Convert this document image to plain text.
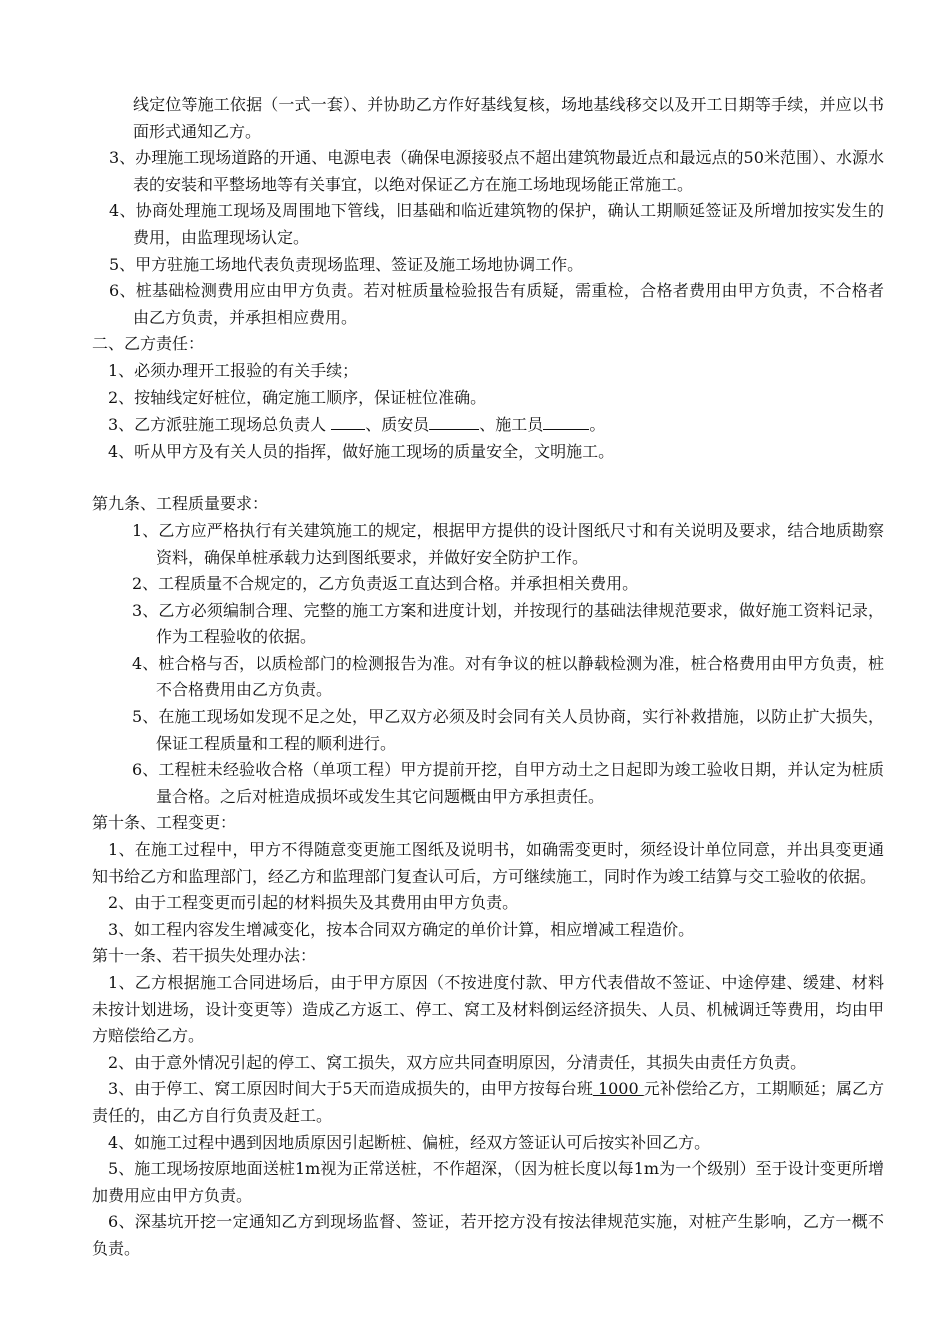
线定位等施工依据（一式一套）、并协助乙方作好基线复核，场地基线移交以及开工日期等手续，并应以书面形式通知乙方。

3、办理施工现场道路的开通、电源电表（确保电源接驳点不超出建筑物最近点和最远点的50米范围）、水源水表的安装和平整场地等有关事宜，以绝对保证乙方在施工场地现场能正常施工。

4、协商处理施工现场及周围地下管线，旧基础和临近建筑物的保护，确认工期顺延签证及所增加按实发生的费用，由监理现场认定。

5、甲方驻施工场地代表负责现场监理、签证及施工场地协调工作。

6、桩基础检测费用应由甲方负责。若对桩质量检验报告有质疑，需重检，合格者费用由甲方负责，不合格者由乙方负责，并承担相应费用。

二、乙方责任：

1、必须办理开工报验的有关手续；

2、按轴线定好桩位，确定施工顺序，保证桩位准确。

3、乙方派驻施工现场总负责人 、质安员	、施工员	。

4、听从甲方及有关人员的指挥，做好施工现场的质量安全，文明施工。

第九条、工程质量要求：

1、乙方应严格执行有关建筑施工的规定，根据甲方提供的设计图纸尺寸和有关说明及要求，结合地质勘察资料，确保单桩承载力达到图纸要求，并做好安全防护工作。

2、工程质量不合规定的，乙方负责返工直达到合格。并承担相关费用。

3、乙方必须编制合理、完整的施工方案和进度计划，并按现行的基础法律规范要求，做好施工资料记录，作为工程验收的依据。

4、桩合格与否，以质检部门的检测报告为准。对有争议的桩以静载检测为准，桩合格费用由甲方负责，桩不合格费用由乙方负责。

5、在施工现场如发现不足之处，甲乙双方必须及时会同有关人员协商，实行补救措施，以防止扩大损失，保证工程质量和工程的顺利进行。

6、工程桩未经验收合格（单项工程）甲方提前开挖，自甲方动土之日起即为竣工验收日期，并认定为桩质量合格。之后对桩造成损坏或发生其它问题概由甲方承担责任。

第十条、工程变更：

1、在施工过程中，甲方不得随意变更施工图纸及说明书，如确需变更时，须经设计单位同意，并出具变更通知书给乙方和监理部门，经乙方和监理部门复查认可后，方可继续施工，同时作为竣工结算与交工验收的依据。

2、由于工程变更而引起的材料损失及其费用由甲方负责。

3、如工程内容发生增减变化，按本合同双方确定的单价计算，相应增减工程造价。

第十一条、若干损失处理办法：

1、乙方根据施工合同进场后，由于甲方原因（不按进度付款、甲方代表借故不签证、中途停建、缓建、材料未按计划进场，设计变更等）造成乙方返工、停工、窝工及材料倒运经济损失、人员、机械调迁等费用，均由甲方赔偿给乙方。

2、由于意外情况引起的停工、窝工损失，双方应共同查明原因，分清责任，其损失由责任方负责。

3、由于停工、窝工原因时间大于5天而造成损失的，由甲方按每台班 1000 元补偿给乙方，工期顺延；属乙方责任的，由乙方自行负责及赶工。

4、如施工过程中遇到因地质原因引起断桩、偏桩，经双方签证认可后按实补回乙方。

5、施工现场按原地面送桩1m视为正常送桩，不作超深，（因为桩长度以每1m为一个级别）至于设计变更所增加费用应由甲方负责。

6、深基坑开挖一定通知乙方到现场监督、签证，若开挖方没有按法律规范实施，对桩产生影响，乙方一概不负责。
